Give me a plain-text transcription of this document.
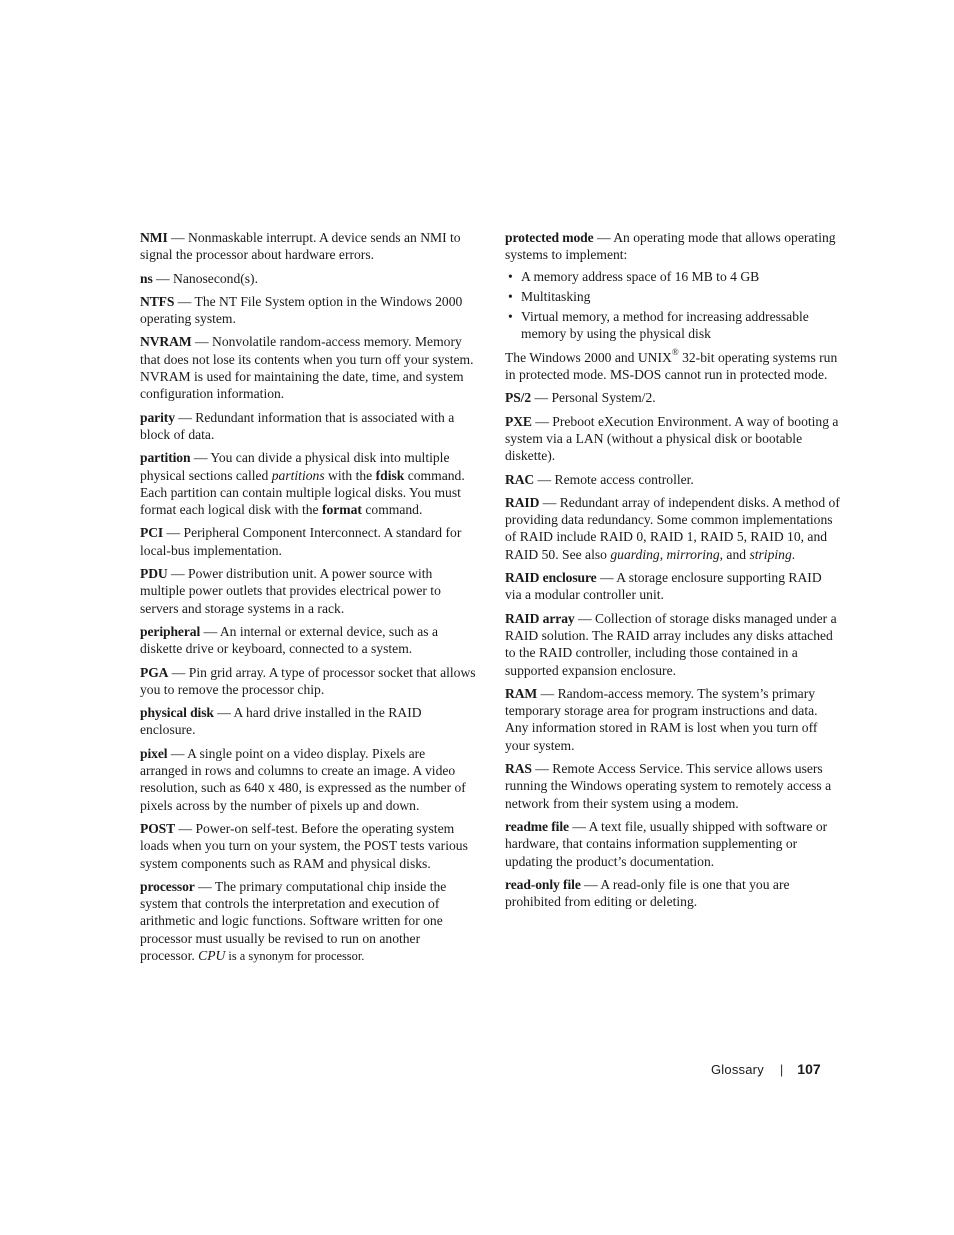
NMI — Nonmaskable interrupt. A device sends an NMI to signal the processor about hardware errors.

ns — Nanosecond(s).

NTFS — The NT File System option in the Windows 2000 operating system.

NVRAM — Nonvolatile random-access memory. Memory that does not lose its contents when you turn off your system. NVRAM is used for maintaining the date, time, and system configuration information.

parity — Redundant information that is associated with a block of data.

partition — You can divide a physical disk into multiple physical sections called partitions with the fdisk command. Each partition can contain multiple logical disks. You must format each logical disk with the format command.

PCI — Peripheral Component Interconnect. A standard for local-bus implementation.

PDU — Power distribution unit. A power source with multiple power outlets that provides electrical power to servers and storage systems in a rack.

peripheral — An internal or external device, such as a diskette drive or keyboard, connected to a system.

PGA — Pin grid array. A type of processor socket that allows you to remove the processor chip.

physical disk — A hard drive installed in the RAID enclosure.

pixel — A single point on a video display. Pixels are arranged in rows and columns to create an image. A video resolution, such as 640 x 480, is expressed as the number of pixels across by the number of pixels up and down.

POST — Power-on self-test. Before the operating system loads when you turn on your system, the POST tests various system components such as RAM and physical disks.

processor — The primary computational chip inside the system that controls the interpretation and execution of arithmetic and logic functions. Software written for one processor must usually be revised to run on another processor. CPU is a synonym for processor.

protected mode — An operating mode that allows operating systems to implement:

• A memory address space of 16 MB to 4 GB
• Multitasking
• Virtual memory, a method for increasing addressable memory by using the physical disk

The Windows 2000 and UNIX® 32-bit operating systems run in protected mode. MS-DOS cannot run in protected mode.

PS/2 — Personal System/2.

PXE — Preboot eXecution Environment. A way of booting a system via a LAN (without a physical disk or bootable diskette).

RAC — Remote access controller.

RAID — Redundant array of independent disks. A method of providing data redundancy. Some common implementations of RAID include RAID 0, RAID 1, RAID 5, RAID 10, and RAID 50. See also guarding, mirroring, and striping.

RAID enclosure — A storage enclosure supporting RAID via a modular controller unit.

RAID array — Collection of storage disks managed under a RAID solution. The RAID array includes any disks attached to the RAID controller, including those contained in a supported expansion enclosure.

RAM — Random-access memory. The system’s primary temporary storage area for program instructions and data. Any information stored in RAM is lost when you turn off your system.

RAS — Remote Access Service. This service allows users running the Windows operating system to remotely access a network from their system using a modem.

readme file — A text file, usually shipped with software or hardware, that contains information supplementing or updating the product’s documentation.

read-only file — A read-only file is one that you are prohibited from editing or deleting.

Glossary | 107
